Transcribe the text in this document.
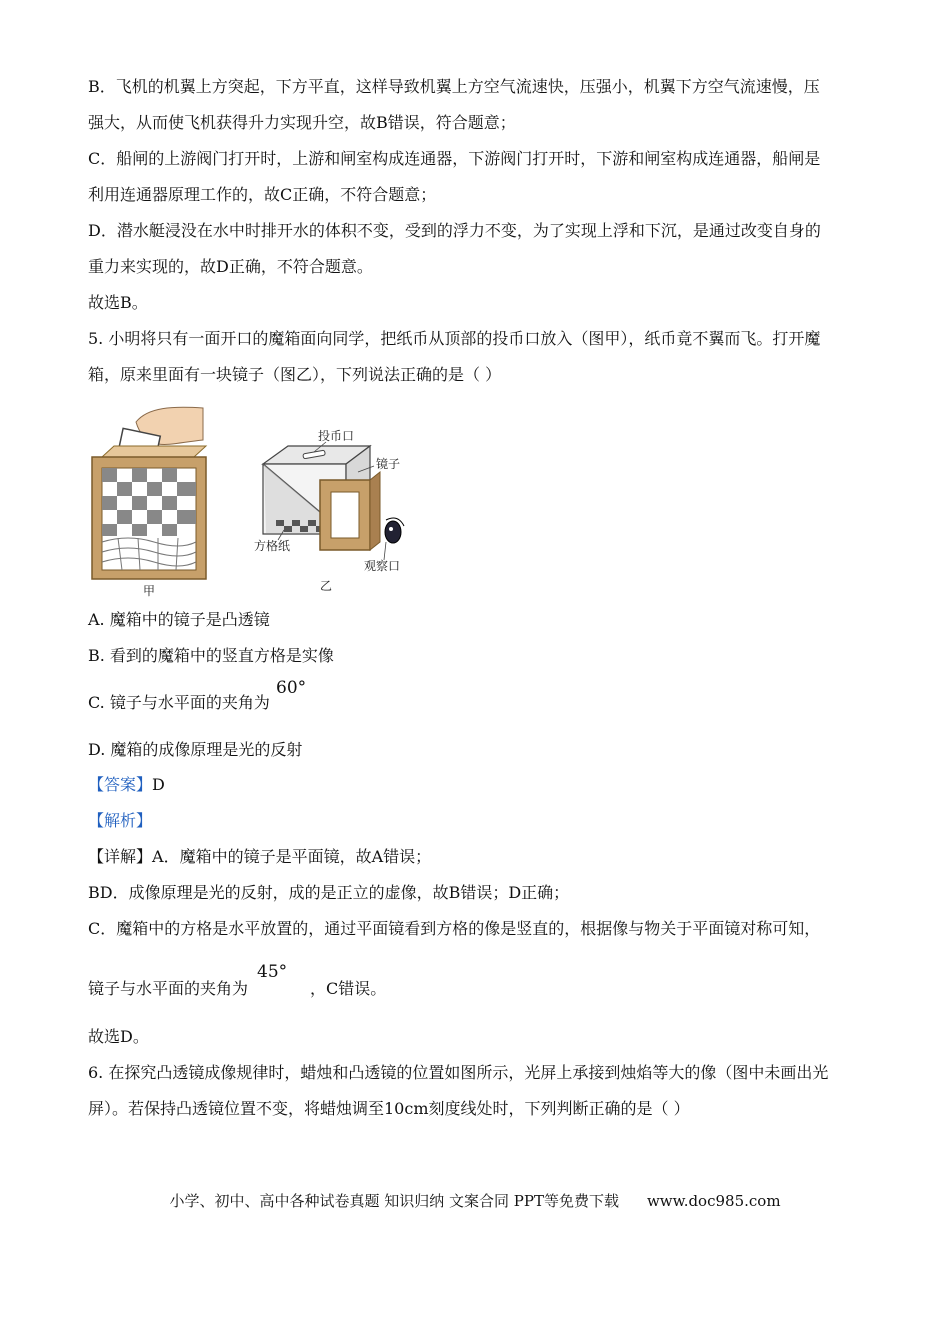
B．飞机的机翼上方突起，下方平直，这样导致机翼上方空气流速快，压强小，机翼下方空气流速慢，压
强大，从而使飞机获得升力实现升空，故B错误，符合题意；
C．船闸的上游阀门打开时，上游和闸室构成连通器，下游阀门打开时，下游和闸室构成连通器，船闸是
利用连通器原理工作的，故C正确，不符合题意；
D．潜水艇浸没在水中时排开水的体积不变，受到的浮力不变，为了实现上浮和下沉，是通过改变自身的
重力来实现的，故D正确，不符合题意。
故选B。
5. 小明将只有一面开口的魔箱面向同学，把纸币从顶部的投币口放入（图甲），纸币竟不翼而飞。打开魔
箱，原来里面有一块镜子（图乙），下列说法正确的是（ ）
甲
投币口
镜子
方格纸
观察口
乙
A. 魔箱中的镜子是凸透镜
B. 看到的魔箱中的竖直方格是实像
C. 镜子与水平面的夹角为
60°
D. 魔箱的成像原理是光的反射
【答案】D
【解析】
【详解】A．魔箱中的镜子是平面镜，故A错误；
BD．成像原理是光的反射，成的是正立的虚像，故B错误；D正确；
C．魔箱中的方格是水平放置的，通过平面镜看到方格的像是竖直的，根据像与物关于平面镜对称可知，
镜子与水平面的夹角为	，C错误。
45°
故选D。
6. 在探究凸透镜成像规律时，蜡烛和凸透镜的位置如图所示，光屏上承接到烛焰等大的像（图中未画出光
屏）。若保持凸透镜位置不变，将蜡烛调至10cm刻度线处时，下列判断正确的是（ ）
小学、初中、高中各种试卷真题 知识归纳 文案合同 PPT等免费下载 www.doc985.com
